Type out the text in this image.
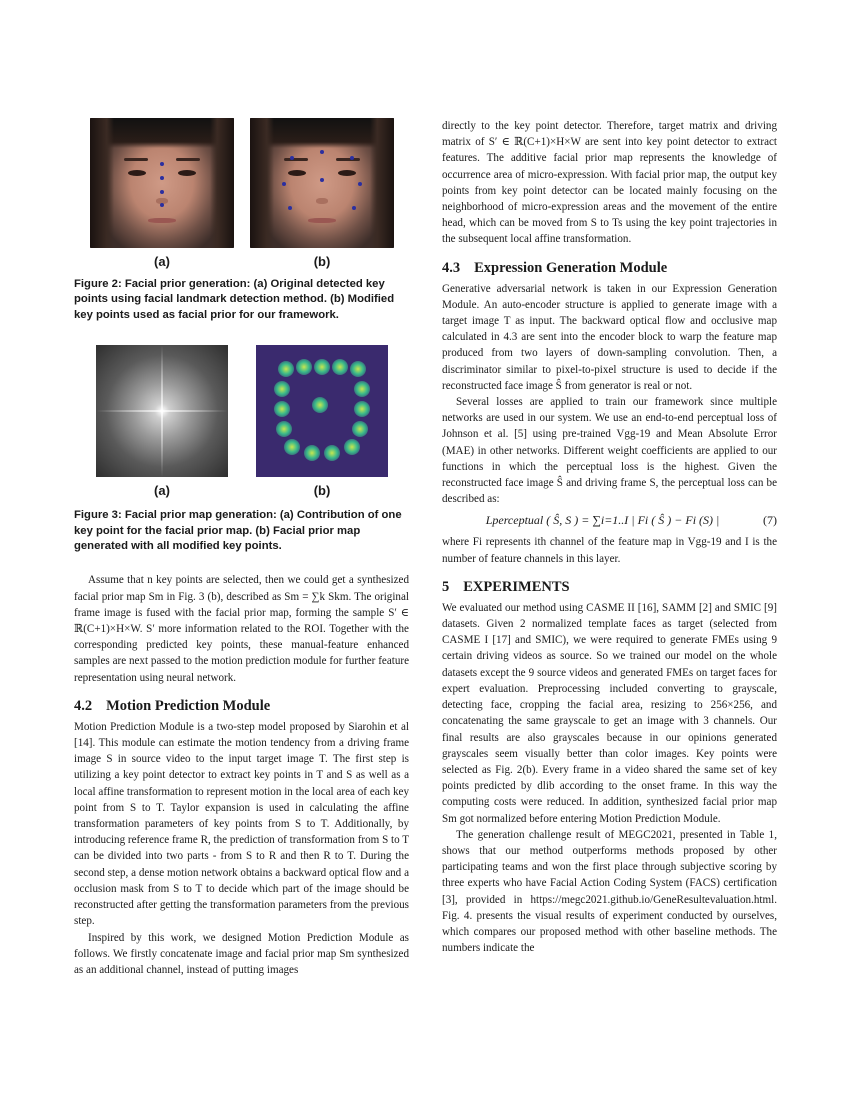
(a)	(b)

Figure 2: Facial prior generation: (a) Original detected key points using facial landmark detection method. (b) Modified key points used as facial prior for our framework.

(a)	(b)

Figure 3: Facial prior map generation: (a) Contribution of one key point for the facial prior map. (b) Facial prior map generated with all modified key points.

Assume that n key points are selected, then we could get a synthesized facial prior map Sm in Fig. 3 (b), described as Sm = ∑k Skm. The original frame image is fused with the facial prior map, forming the sample S′ ∈ ℝ(C+1)×H×W. S′ more information related to the ROI. Together with the corresponding predicted key points, these manual-feature enhanced samples are next passed to the motion prediction module for further feature representation using neural network.

4.2 Motion Prediction Module

Motion Prediction Module is a two-step model proposed by Siarohin et al [14]. This module can estimate the motion tendency from a driving frame image S in source video to the input target image T. The first step is utilizing a key point detector to extract key points in T and S as well as a local affine transformation to represent motion in the local area of each key point from S to T. Taylor expansion is used in calculating the affine transformation parameters of key points from S to T. Additionally, by introducing reference frame R, the prediction of transformation from S to T can be divided into two parts - from S to R and then R to T. During the second step, a dense motion network obtains a backward optical flow and a occlusion mask from S to T to decide which part of the image should be reconstructed after getting the transformation parameters from the previous step.

Inspired by this work, we designed Motion Prediction Module as follows. We firstly concatenate image and facial prior map Sm synthesized as an additional channel, instead of putting images

directly to the key point detector. Therefore, target matrix and driving matrix of S′ ∈ ℝ(C+1)×H×W are sent into key point detector to extract features. The additive facial prior map represents the knowledge of occurrence area of micro-expression. With facial prior map, the output key points from key point detector can be located mainly focusing on the neighborhood of micro-expression areas and the movement of the entire head, which can be moved from S to Ts using the key point trajectories in the subsequent local affine transformation.

4.3 Expression Generation Module

Generative adversarial network is taken in our Expression Generation Module. An auto-encoder structure is applied to generate image with a target image T as input. The backward optical flow and occlusive map calculated in 4.3 are sent into the encoder block to warp the feature map produced from two layers of down-sampling convolution. Then, a discriminator similar to pixel-to-pixel structure is used to decide if the reconstructed face image Ŝ from generator is real or not.

Several losses are applied to train our framework since multiple networks are used in our system. We use an end-to-end perceptual loss of Johnson et al. [5] using pre-trained Vgg-19 and Mean Absolute Error (MAE) in other networks. Different weight coefficients are applied to our functions in which the perceptual loss is the highest. Given the reconstructed face image Ŝ and driving frame S, the perceptual loss can be described as:

Lperceptual ( Ŝ, S ) = ∑i=1..I | Fi ( Ŝ ) − Fi (S) |	(7)

where Fi represents ith channel of the feature map in Vgg-19 and I is the number of feature channels in this layer.

5 EXPERIMENTS

We evaluated our method using CASME II [16], SAMM [2] and SMIC [9] datasets. Given 2 normalized template faces as target (selected from CASME I [17] and SMIC), we were required to generate FMEs using 9 certain driving videos as source. So we trained our model on the whole datasets except the 9 source videos and generated FMEs on target faces for expert evaluation. Preprocessing included converting to grayscale, detecting face, cropping the facial area, resizing to 256×256, and concatenating the same grayscale to get an image with 3 channels. Our final results are also grayscales because in our opinions generated grayscales seem visually better than color images. Key points were selected as Fig. 2(b). Every frame in a video shared the same set of key points predicted by dlib according to the onset frame. In this way the computing costs were reduced. In addition, synthesized facial prior map Sm got normalized before entering Motion Prediction Module.

The generation challenge result of MEGC2021, presented in Table 1, shows that our method outperforms methods proposed by other participating teams and won the first place through subjective scoring by three experts who have Facial Action Coding System (FACS) certification [3], provided in https://megc2021.github.io/GeneResultevaluation.html. Fig. 4. presents the visual results of experiment conducted by ourselves, which compares our proposed method with other baseline methods. The numbers indicate the
